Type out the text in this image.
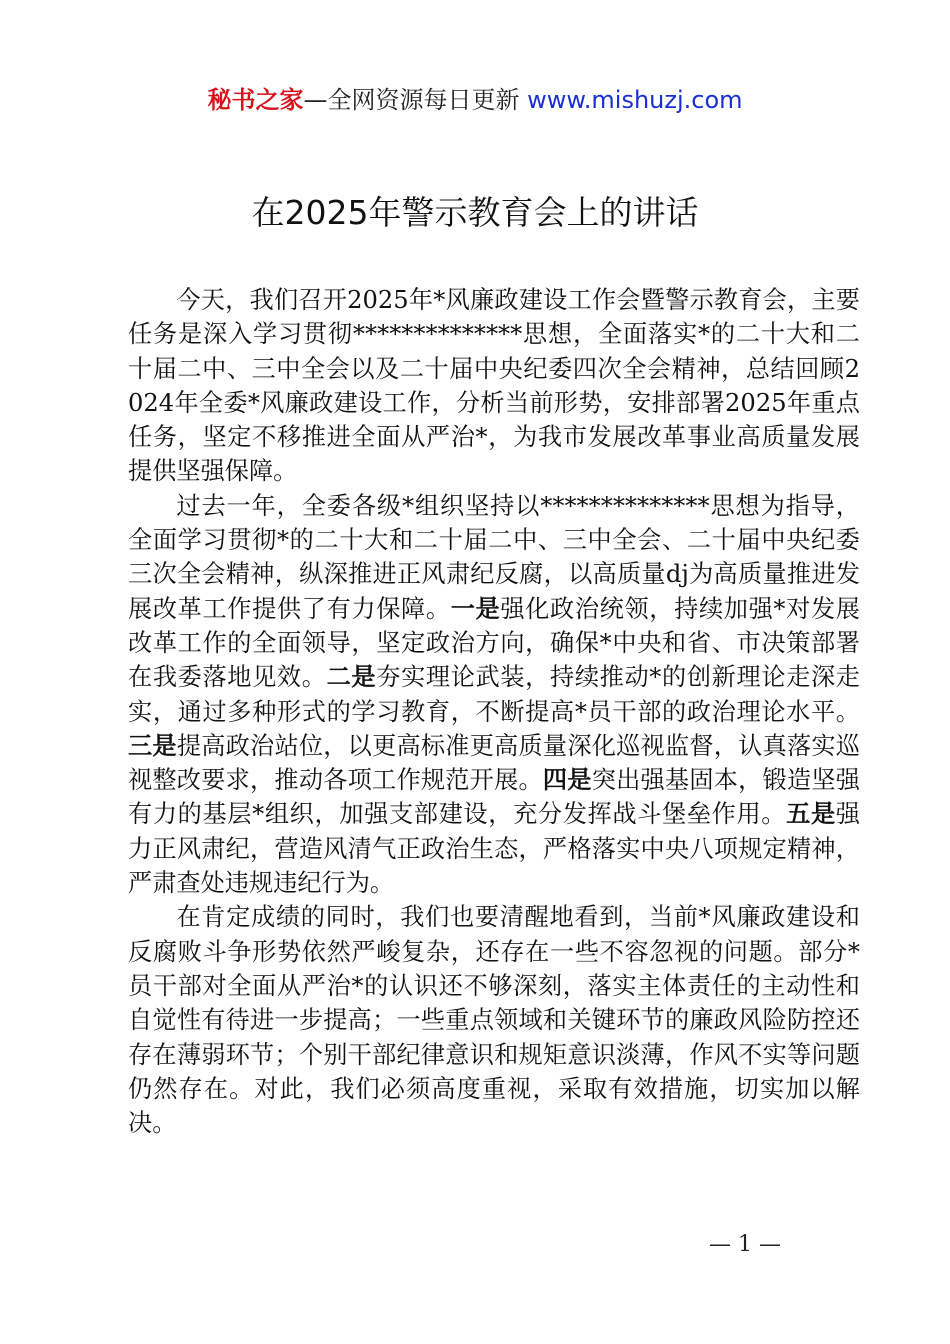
秘书之家—全网资源每日更新 www.mishuzj.com
在2025年警示教育会上的讲话

今天，我们召开2025年*风廉政建设工作会暨警示教育会，主要任务是深入学习贯彻**************思想，全面落实*的二十大和二十届二中、三中全会以及二十届中央纪委四次全会精神，总结回顾2024年全委*风廉政建设工作，分析当前形势，安排部署2025年重点任务，坚定不移推进全面从严治*，为我市发展改革事业高质量发展提供坚强保障。

过去一年，全委各级*组织坚持以**************思想为指导，全面学习贯彻*的二十大和二十届二中、三中全会、二十届中央纪委三次全会精神，纵深推进正风肃纪反腐，以高质量dj为高质量推进发展改革工作提供了有力保障。一是强化政治统领，持续加强*对发展改革工作的全面领导，坚定政治方向，确保*中央和省、市决策部署在我委落地见效。二是夯实理论武装，持续推动*的创新理论走深走实，通过多种形式的学习教育，不断提高*员干部的政治理论水平。三是提高政治站位，以更高标准更高质量深化巡视监督，认真落实巡视整改要求，推动各项工作规范开展。四是突出强基固本，锻造坚强有力的基层*组织，加强支部建设，充分发挥战斗堡垒作用。五是强力正风肃纪，营造风清气正政治生态，严格落实中央八项规定精神，严肃查处违规违纪行为。

在肯定成绩的同时，我们也要清醒地看到，当前*风廉政建设和反腐败斗争形势依然严峻复杂，还存在一些不容忽视的问题。部分*员干部对全面从严治*的认识还不够深刻，落实主体责任的主动性和自觉性有待进一步提高；一些重点领域和关键环节的廉政风险防控还存在薄弱环节；个别干部纪律意识和规矩意识淡薄，作风不实等问题仍然存在。对此，我们必须高度重视，采取有效措施，切实加以解决。

— 1 —
